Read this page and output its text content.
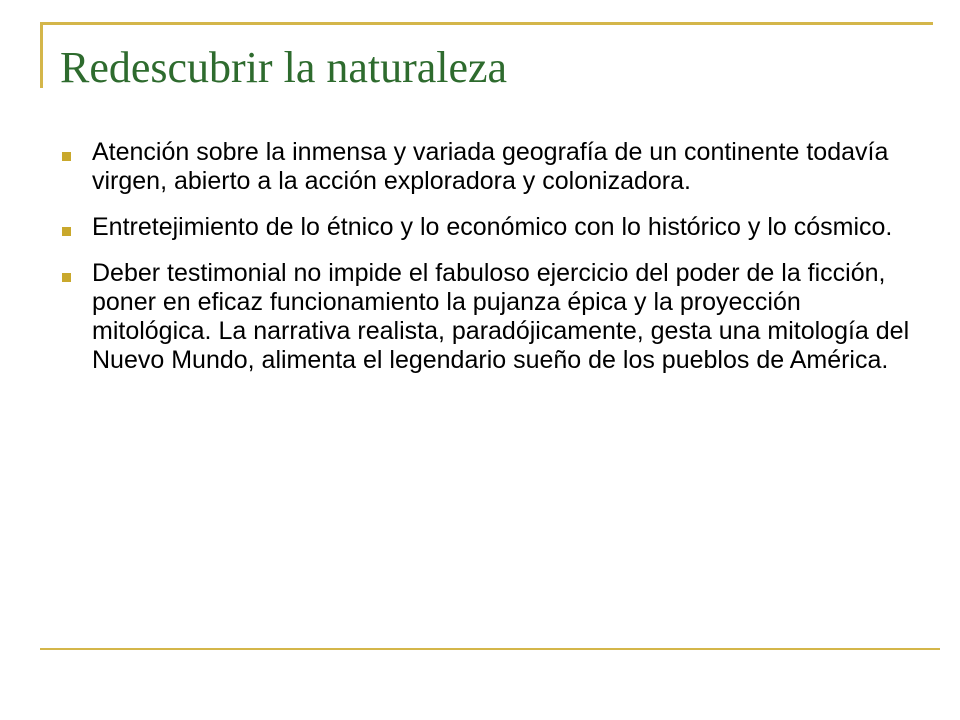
Redescubrir la naturaleza
Atención sobre la inmensa y variada geografía de un continente todavía virgen, abierto a la acción exploradora y colonizadora.
Entretejimiento de lo étnico y lo económico con lo histórico y lo cósmico.
Deber testimonial no impide el fabuloso ejercicio del poder de la ficción, poner en eficaz funcionamiento la pujanza épica y la proyección mitológica. La narrativa realista, paradójicamente, gesta una mitología del Nuevo Mundo, alimenta el legendario sueño de los pueblos de América.
